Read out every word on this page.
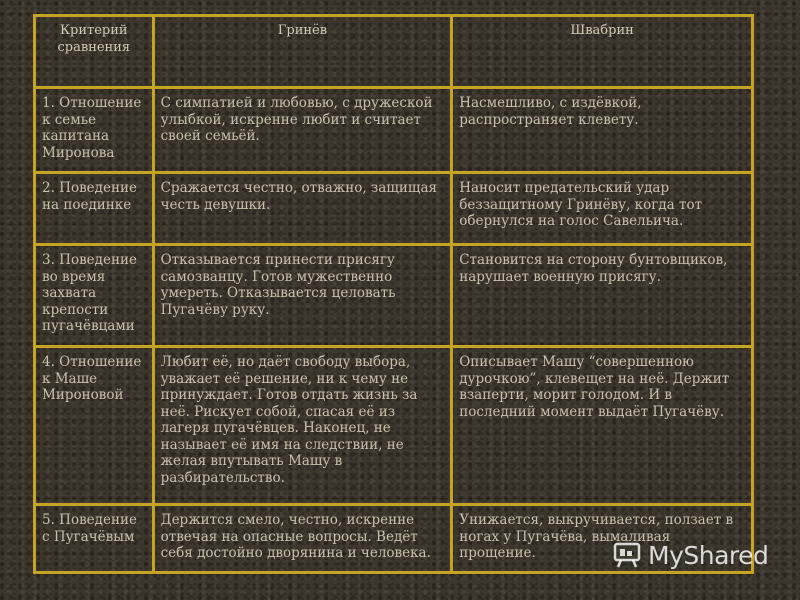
Критерий сравнения	Гринёв	Швабрин
1. Отношение к семье капитана Миронова	С симпатией и любовью, с дружеской улыбкой, искренне любит и считает своей семьёй.	Насмешливо, с издёвкой, распространяет клевету.
2. Поведение на поединке	Сражается честно, отважно, защищая честь девушки.	Наносит предательский удар беззащитному Гринёву, когда тот обернулся на голос Савельича.
3. Поведение во время захвата крепости пугачёвцами	Отказывается принести присягу самозванцу. Готов мужественно умереть. Отказывается целовать Пугачёву руку.	Становится на сторону бунтовщиков, нарушает военную присягу.
4. Отношение к Маше Мироновой	Любит её, но даёт свободу выбора, уважает её решение, ни к чему не принуждает. Готов отдать жизнь за неё. Рискует собой, спасая её из лагеря пугачёвцев. Наконец, не называет её имя на следствии, не желая впутывать Машу в разбирательство.	Описывает Машу “совершенною дурочкою”, клевещет на неё. Держит взаперти, морит голодом. И в последний момент выдаёт Пугачёву.
5. Поведение с Пугачёвым	Держится смело, честно, искренне отвечая на опасные вопросы. Ведёт себя достойно дворянина и человека.	Унижается, выкручивается, ползает в ногах у Пугачёва, вымаливая прощение.	MyShared
